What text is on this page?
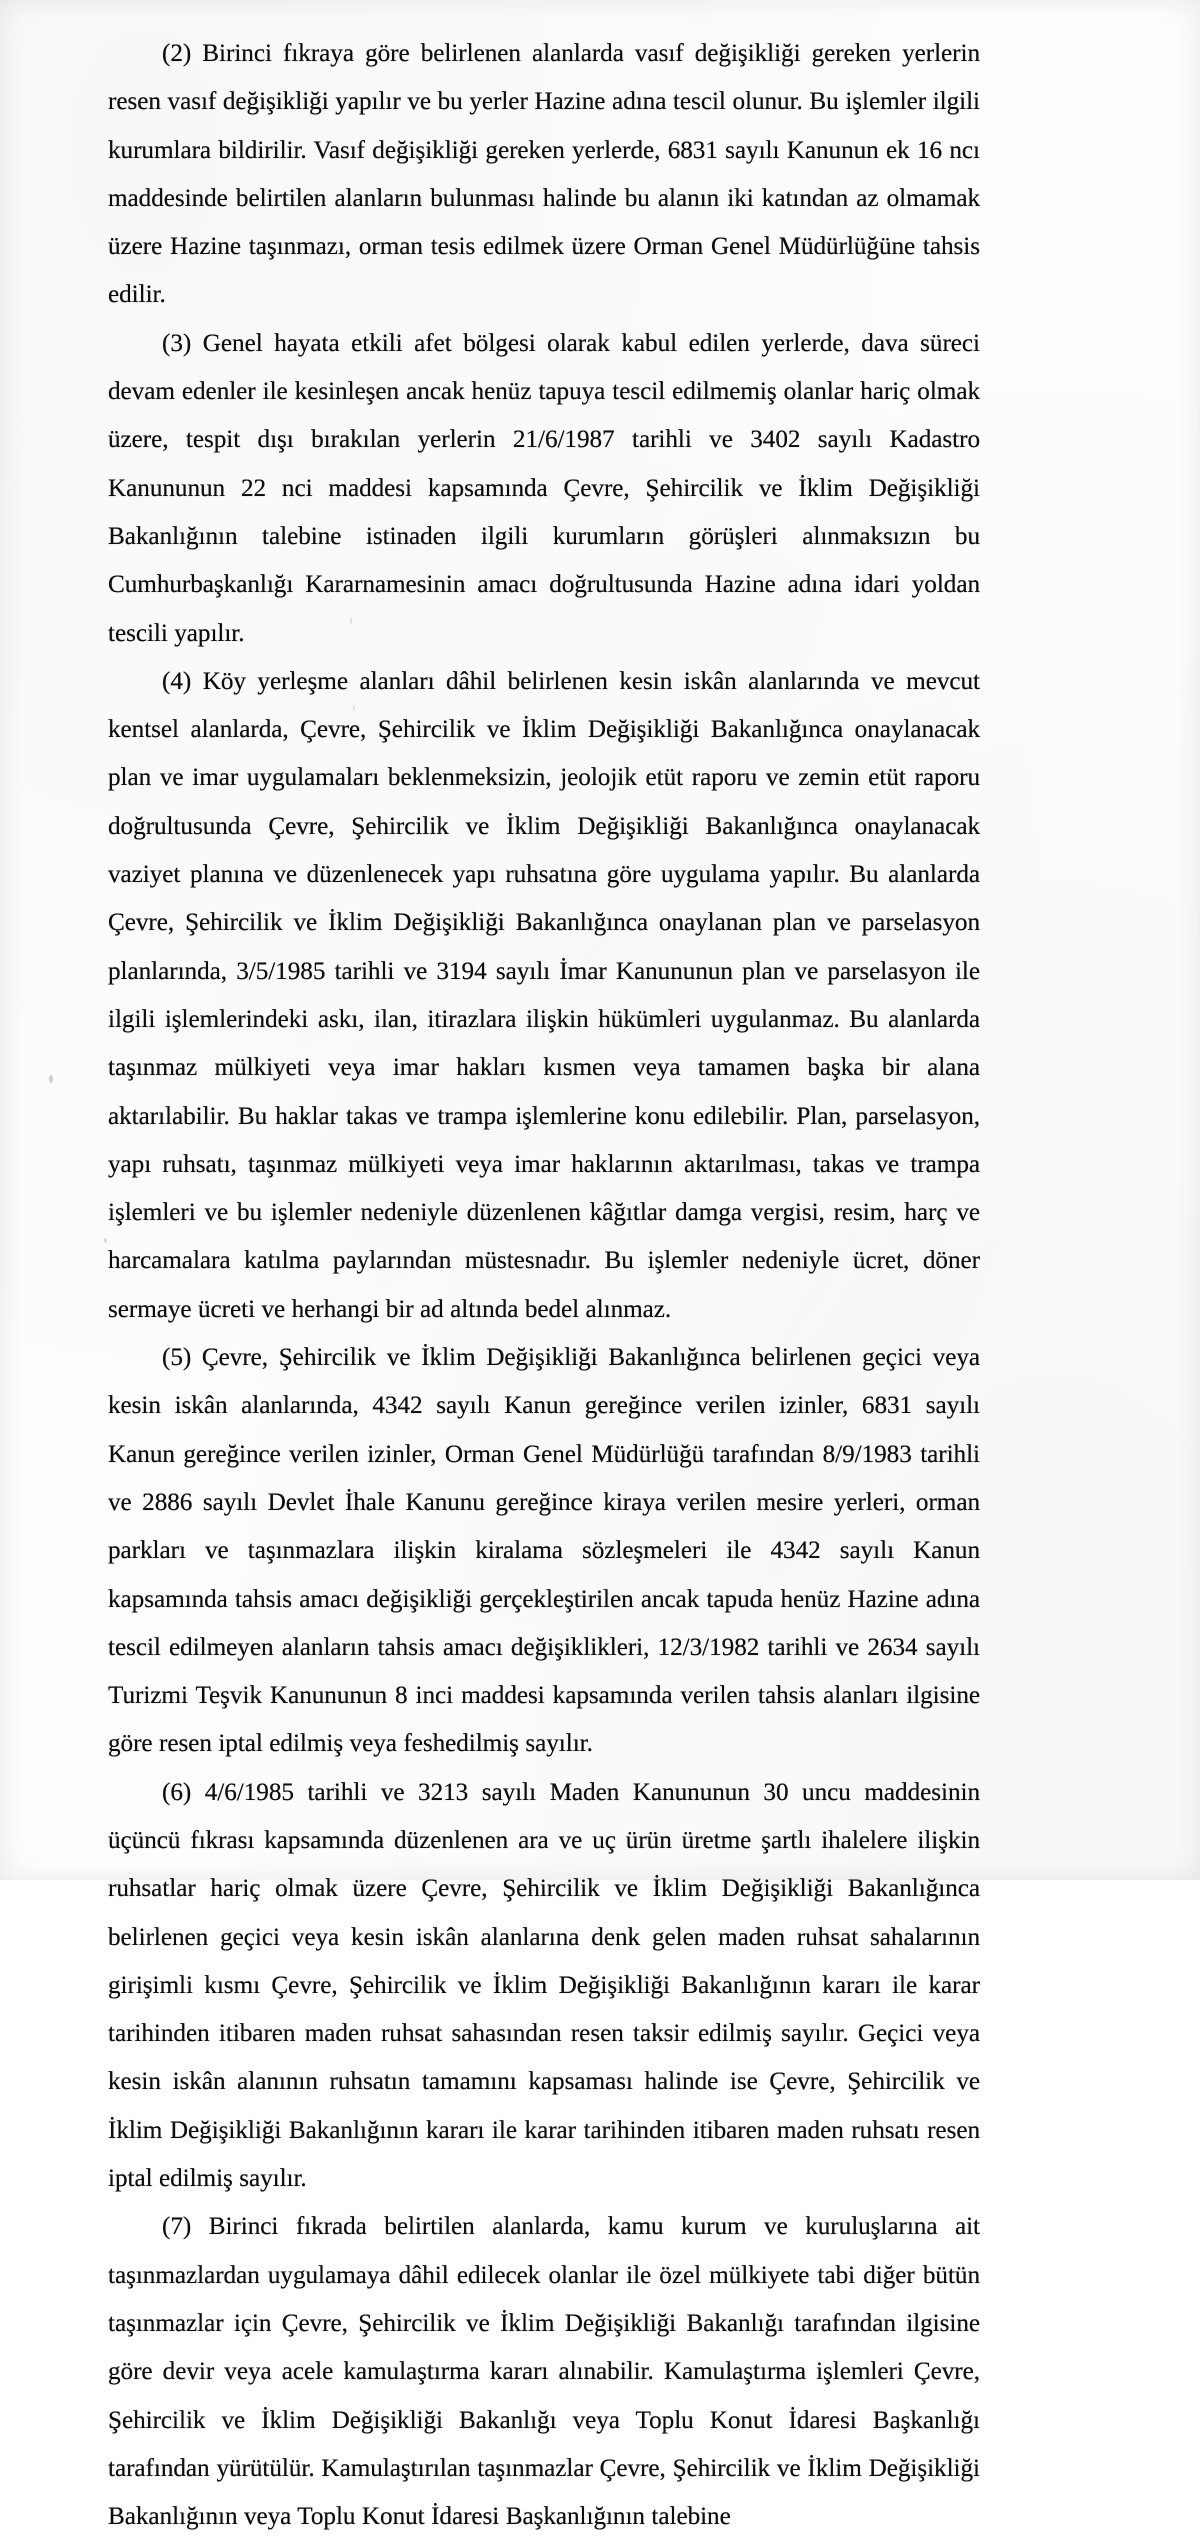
(2) Birinci fıkraya göre belirlenen alanlarda vasıf değişikliği gereken yerlerin resen vasıf değişikliği yapılır ve bu yerler Hazine adına tescil olunur. Bu işlemler ilgili kurumlara bildirilir. Vasıf değişikliği gereken yerlerde, 6831 sayılı Kanunun ek 16 ncı maddesinde belirtilen alanların bulunması halinde bu alanın iki katından az olmamak üzere Hazine taşınmazı, orman tesis edilmek üzere Orman Genel Müdürlüğüne tahsis edilir.

(3) Genel hayata etkili afet bölgesi olarak kabul edilen yerlerde, dava süreci devam edenler ile kesinleşen ancak henüz tapuya tescil edilmemiş olanlar hariç olmak üzere, tespit dışı bırakılan yerlerin 21/6/1987 tarihli ve 3402 sayılı Kadastro Kanununun 22 nci maddesi kapsamında Çevre, Şehircilik ve İklim Değişikliği Bakanlığının talebine istinaden ilgili kurumların görüşleri alınmaksızın bu Cumhurbaşkanlığı Kararnamesinin amacı doğrultusunda Hazine adına idari yoldan tescili yapılır.

(4) Köy yerleşme alanları dâhil belirlenen kesin iskân alanlarında ve mevcut kentsel alanlarda, Çevre, Şehircilik ve İklim Değişikliği Bakanlığınca onaylanacak plan ve imar uygulamaları beklenmeksizin, jeolojik etüt raporu ve zemin etüt raporu doğrultusunda Çevre, Şehircilik ve İklim Değişikliği Bakanlığınca onaylanacak vaziyet planına ve düzenlenecek yapı ruhsatına göre uygulama yapılır. Bu alanlarda Çevre, Şehircilik ve İklim Değişikliği Bakanlığınca onaylanan plan ve parselasyon planlarında, 3/5/1985 tarihli ve 3194 sayılı İmar Kanununun plan ve parselasyon ile ilgili işlemlerindeki askı, ilan, itirazlara ilişkin hükümleri uygulanmaz. Bu alanlarda taşınmaz mülkiyeti veya imar hakları kısmen veya tamamen başka bir alana aktarılabilir. Bu haklar takas ve trampa işlemlerine konu edilebilir. Plan, parselasyon, yapı ruhsatı, taşınmaz mülkiyeti veya imar haklarının aktarılması, takas ve trampa işlemleri ve bu işlemler nedeniyle düzenlenen kâğıtlar damga vergisi, resim, harç ve harcamalara katılma paylarından müstesnadır. Bu işlemler nedeniyle ücret, döner sermaye ücreti ve herhangi bir ad altında bedel alınmaz.

(5) Çevre, Şehircilik ve İklim Değişikliği Bakanlığınca belirlenen geçici veya kesin iskân alanlarında, 4342 sayılı Kanun gereğince verilen izinler, 6831 sayılı Kanun gereğince verilen izinler, Orman Genel Müdürlüğü tarafından 8/9/1983 tarihli ve 2886 sayılı Devlet İhale Kanunu gereğince kiraya verilen mesire yerleri, orman parkları ve taşınmazlara ilişkin kiralama sözleşmeleri ile 4342 sayılı Kanun kapsamında tahsis amacı değişikliği gerçekleştirilen ancak tapuda henüz Hazine adına tescil edilmeyen alanların tahsis amacı değişiklikleri, 12/3/1982 tarihli ve 2634 sayılı Turizmi Teşvik Kanununun 8 inci maddesi kapsamında verilen tahsis alanları ilgisine göre resen iptal edilmiş veya feshedilmiş sayılır.

(6) 4/6/1985 tarihli ve 3213 sayılı Maden Kanununun 30 uncu maddesinin üçüncü fıkrası kapsamında düzenlenen ara ve uç ürün üretme şartlı ihalelere ilişkin ruhsatlar hariç olmak üzere Çevre, Şehircilik ve İklim Değişikliği Bakanlığınca belirlenen geçici veya kesin iskân alanlarına denk gelen maden ruhsat sahalarının girişimli kısmı Çevre, Şehircilik ve İklim Değişikliği Bakanlığının kararı ile karar tarihinden itibaren maden ruhsat sahasından resen taksir edilmiş sayılır. Geçici veya kesin iskân alanının ruhsatın tamamını kapsaması halinde ise Çevre, Şehircilik ve İklim Değişikliği Bakanlığının kararı ile karar tarihinden itibaren maden ruhsatı resen iptal edilmiş sayılır.

(7) Birinci fıkrada belirtilen alanlarda, kamu kurum ve kuruluşlarına ait taşınmazlardan uygulamaya dâhil edilecek olanlar ile özel mülkiyete tabi diğer bütün taşınmazlar için Çevre, Şehircilik ve İklim Değişikliği Bakanlığı tarafından ilgisine göre devir veya acele kamulaştırma kararı alınabilir. Kamulaştırma işlemleri Çevre, Şehircilik ve İklim Değişikliği Bakanlığı veya Toplu Konut İdaresi Başkanlığı tarafından yürütülür. Kamulaştırılan taşınmazlar Çevre, Şehircilik ve İklim Değişikliği Bakanlığının veya Toplu Konut İdaresi Başkanlığının talebine
